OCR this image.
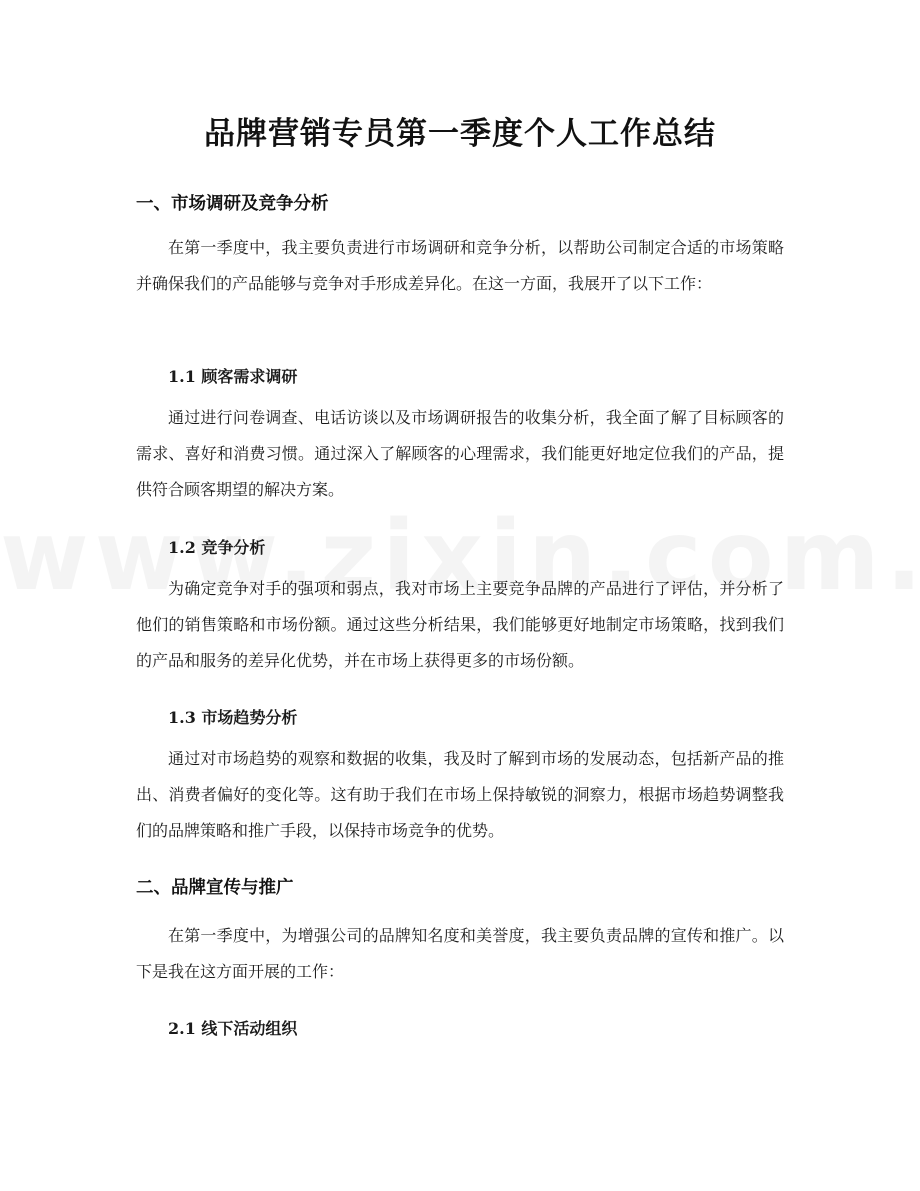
品牌营销专员第一季度个人工作总结
一、市场调研及竞争分析

在第一季度中，我主要负责进行市场调研和竞争分析，以帮助公司制定合适的市场策略并确保我们的产品能够与竞争对手形成差异化。在这一方面，我展开了以下工作：

1.1 顾客需求调研

通过进行问卷调查、电话访谈以及市场调研报告的收集分析，我全面了解了目标顾客的需求、喜好和消费习惯。通过深入了解顾客的心理需求，我们能更好地定位我们的产品，提供符合顾客期望的解决方案。

1.2 竞争分析

为确定竞争对手的强项和弱点，我对市场上主要竞争品牌的产品进行了评估，并分析了他们的销售策略和市场份额。通过这些分析结果，我们能够更好地制定市场策略，找到我们的产品和服务的差异化优势，并在市场上获得更多的市场份额。

1.3 市场趋势分析

通过对市场趋势的观察和数据的收集，我及时了解到市场的发展动态，包括新产品的推出、消费者偏好的变化等。这有助于我们在市场上保持敏锐的洞察力，根据市场趋势调整我们的品牌策略和推广手段，以保持市场竞争的优势。

二、品牌宣传与推广

在第一季度中，为增强公司的品牌知名度和美誉度，我主要负责品牌的宣传和推广。以下是我在这方面开展的工作：

2.1 线下活动组织
